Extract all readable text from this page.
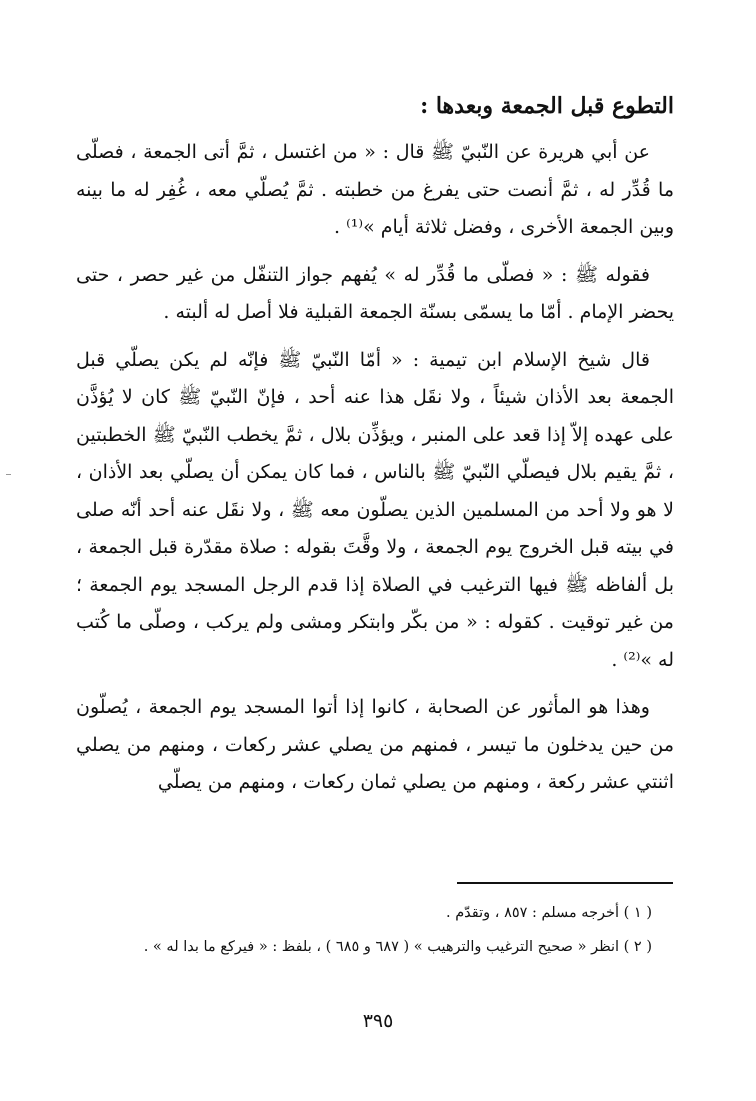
التطوع قبل الجمعة وبعدها :

عن أبي هريرة عن النّبيّ ﷺ قال : « من اغتسل ، ثمَّ أتى الجمعة ، فصلّى ما قُدِّر له ، ثمَّ أنصت حتى يفرغ من خطبته . ثمَّ يُصلّي معه ، غُفِر له ما بينه وبين الجمعة الأخرى ، وفضل ثلاثة أيام »⁽¹⁾ .

فقوله ﷺ : « فصلّى ما قُدِّر له » يُفهم جواز التنفّل من غير حصر ، حتى يحضر الإمام . أمّا ما يسمّى بسنّة الجمعة القبلية فلا أصل له ألبته .

قال شيخ الإسلام ابن تيمية : « أمّا النّبيّ ﷺ فإنّه لم يكن يصلّي قبل الجمعة بعد الأذان شيئاً ، ولا نقَل هذا عنه أحد ، فإنّ النّبيّ ﷺ كان لا يُؤذَّن على عهده إلاّ إذا قعد على المنبر ، ويؤذِّن بلال ، ثمَّ يخطب النّبيّ ﷺ الخطبتين ، ثمَّ يقيم بلال فيصلّي النّبيّ ﷺ بالناس ، فما كان يمكن أن يصلّي بعد الأذان ، لا هو ولا أحد من المسلمين الذين يصلّون معه ﷺ ، ولا نقَل عنه أحد أنّه صلى في بيته قبل الخروج يوم الجمعة ، ولا وقَّتَ بقوله : صلاة مقدّرة قبل الجمعة ، بل ألفاظه ﷺ فيها الترغيب في الصلاة إذا قدم الرجل المسجد يوم الجمعة ؛ من غير توقيت . كقوله : « من بكّر وابتكر ومشى ولم يركب ، وصلّى ما كُتب له »⁽²⁾ .

وهذا هو المأثور عن الصحابة ، كانوا إذا أتوا المسجد يوم الجمعة ، يُصلّون من حين يدخلون ما تيسر ، فمنهم من يصلي عشر ركعات ، ومنهم من يصلي اثنتي عشر ركعة ، ومنهم من يصلي ثمان ركعات ، ومنهم من يصلّي

( ١ ) أخرجه مسلم : ٨٥٧ ، وتقدّم .

( ٢ ) انظر « صحيح الترغيب والترهيب » ( ٦٨٧ و ٦٨٥ ) ، بلفظ : « فيركع ما بدا له » .

٣٩٥
